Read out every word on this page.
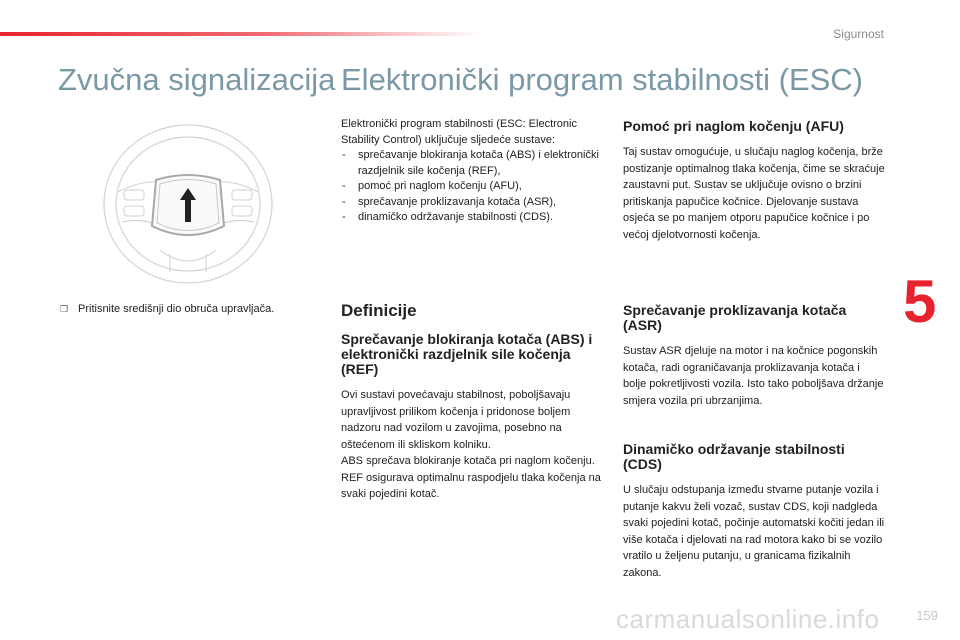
Sigurnost
5
159
carmanualsonline.info
Zvučna signalizacija Elektronički program stabilnosti (ESC)
❒ Pritisnite središnji dio obruča upravljača.

Elektronički program stabilnosti (ESC: Electronic Stability Control) uključuje sljedeće sustave:

- sprečavanje blokiranja kotača (ABS) i elektronički razdjelnik sile kočenja (REF),
- pomoć pri naglom kočenju (AFU),
- sprečavanje proklizavanja kotača (ASR),
- dinamičko održavanje stabilnosti (CDS).
Definicije
Sprečavanje blokiranja kotača (ABS) i elektronički razdjelnik sile kočenja (REF)
Ovi sustavi povećavaju stabilnost, poboljšavaju upravljivost prilikom kočenja i pridonose boljem nadzoru nad vozilom u zavojima, posebno na oštećenom ili skliskom kolniku.
ABS sprečava blokiranje kotača pri naglom kočenju.
REF osigurava optimalnu raspodjelu tlaka kočenja na svaki pojedini kotač.
Pomoć pri naglom kočenju (AFU)
Taj sustav omogućuje, u slučaju naglog kočenja, brže postizanje optimalnog tlaka kočenja, čime se skraćuje zaustavni put. Sustav se uključuje ovisno o brzini pritiskanja papučice kočnice. Djelovanje sustava osjeća se po manjem otporu papučice kočnice i po većoj djelotvornosti kočenja.
Sprečavanje proklizavanja kotača (ASR)
Sustav ASR djeluje na motor i na kočnice pogonskih kotača, radi ograničavanja proklizavanja kotača i bolje pokretljivosti vozila. Isto tako poboljšava držanje smjera vozila pri ubrzanjima.
Dinamičko održavanje stabilnosti (CDS)
U slučaju odstupanja između stvarne putanje vozila i putanje kakvu želi vozač, sustav CDS, koji nadgleda svaki pojedini kotač, počinje automatski kočiti jedan ili više kotača i djelovati na rad motora kako bi se vozilo vratilo u željenu putanju, u granicama fizikalnih zakona.
